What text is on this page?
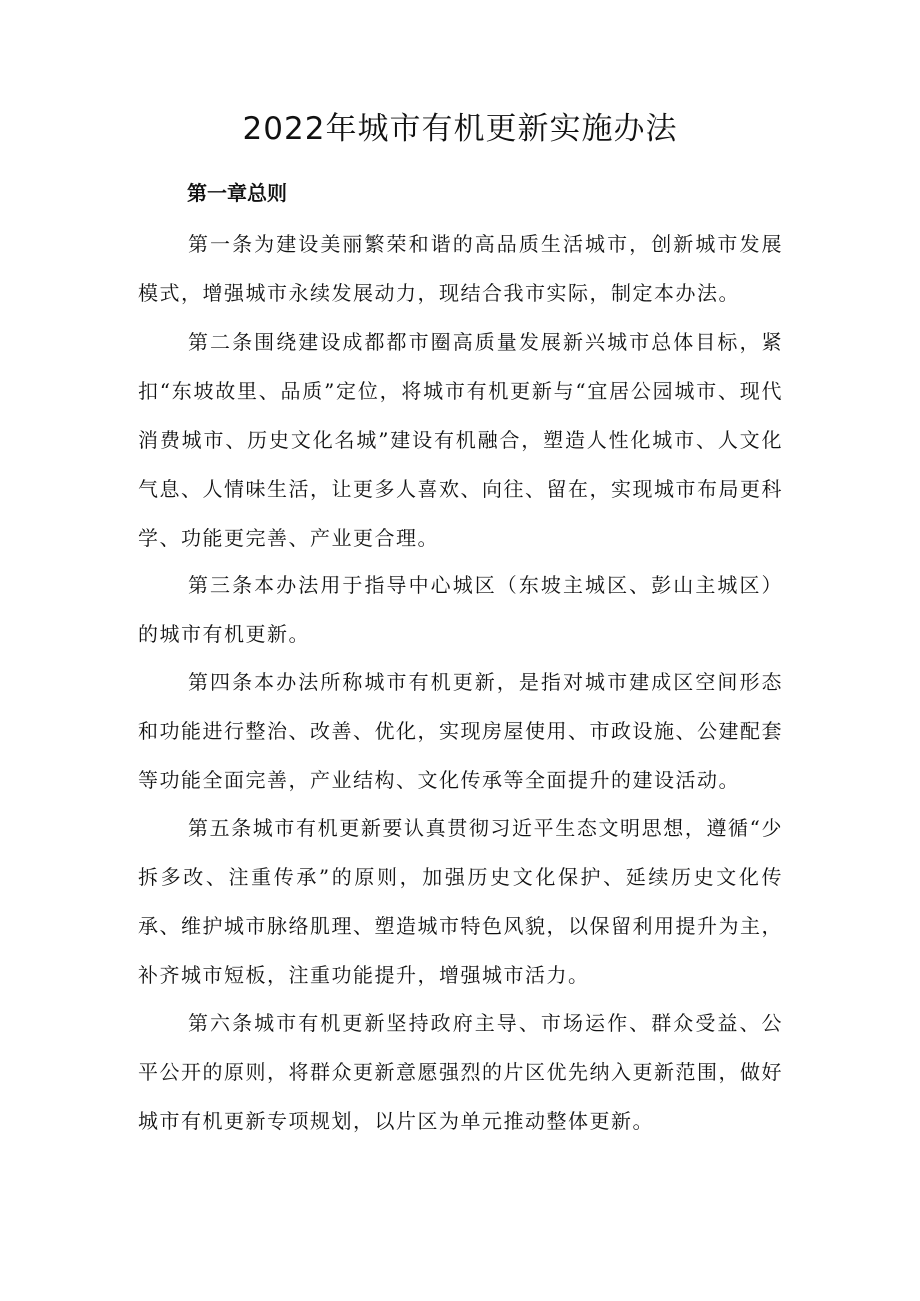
2022年城市有机更新实施办法
第一章总则

第一条为建设美丽繁荣和谐的高品质生活城市，创新城市发展模式，增强城市永续发展动力，现结合我市实际，制定本办法。

第二条围绕建设成都都市圈高质量发展新兴城市总体目标，紧扣“东坡故里、品质”定位，将城市有机更新与“宜居公园城市、现代消费城市、历史文化名城”建设有机融合，塑造人性化城市、人文化气息、人情味生活，让更多人喜欢、向往、留在，实现城市布局更科学、功能更完善、产业更合理。

第三条本办法用于指导中心城区（东坡主城区、彭山主城区）的城市有机更新。

第四条本办法所称城市有机更新，是指对城市建成区空间形态和功能进行整治、改善、优化，实现房屋使用、市政设施、公建配套等功能全面完善，产业结构、文化传承等全面提升的建设活动。

第五条城市有机更新要认真贯彻习近平生态文明思想，遵循“少拆多改、注重传承”的原则，加强历史文化保护、延续历史文化传承、维护城市脉络肌理、塑造城市特色风貌，以保留利用提升为主，补齐城市短板，注重功能提升，增强城市活力。

第六条城市有机更新坚持政府主导、市场运作、群众受益、公平公开的原则，将群众更新意愿强烈的片区优先纳入更新范围，做好城市有机更新专项规划，以片区为单元推动整体更新。
